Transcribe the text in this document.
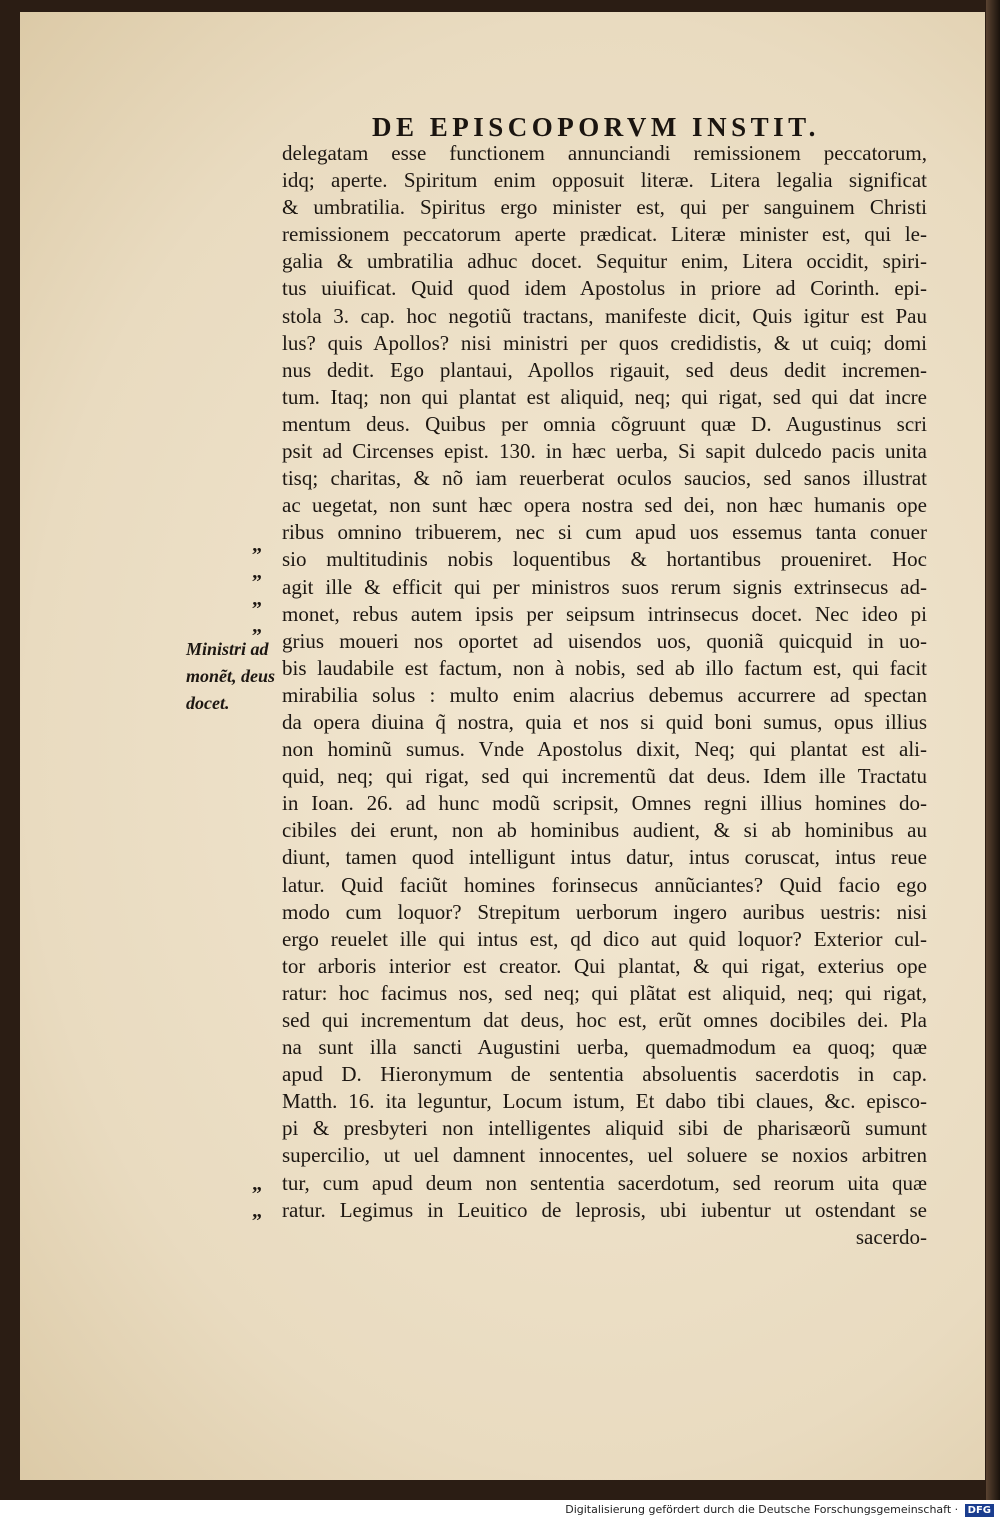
DE EPISCOPORVM INSTIT.
delegatam esse functionem annunciandi remissionem peccatorum,
idq; aperte. Spiritum enim opposuit literæ. Litera legalia significat
& umbratilia. Spiritus ergo minister est, qui per sanguinem Christi
remissionem peccatorum aperte prædicat. Literæ minister est, qui le-
galia & umbratilia adhuc docet. Sequitur enim, Litera occidit, spiri-
tus uiuificat. Quid quod idem Apostolus in priore ad Corinth. epi-
stola 3. cap. hoc negotiũ tractans, manifeste dicit, Quis igitur est Pau
lus? quis Apollos? nisi ministri per quos credidistis, & ut cuiq; domi
nus dedit. Ego plantaui, Apollos rigauit, sed deus dedit incremen-
tum. Itaq; non qui plantat est aliquid, neq; qui rigat, sed qui dat incre
mentum deus. Quibus per omnia cõgruunt quæ D. Augustinus scri
psit ad Circenses epist. 130. in hæc uerba, Si sapit dulcedo pacis unita
tisq; charitas, & nõ iam reuerberat oculos saucios, sed sanos illustrat
ac uegetat, non sunt hæc opera nostra sed dei, non hæc humanis ope
ribus omnino tribuerem, nec si cum apud uos essemus tanta conuer
sio multitudinis nobis loquentibus & hortantibus proueniret. Hoc
agit ille & efficit qui per ministros suos rerum signis extrinsecus ad-
monet, rebus autem ipsis per seipsum intrinsecus docet. Nec ideo pi
grius moueri nos oportet ad uisendos uos, quoniã quicquid in uo-
bis laudabile est factum, non à nobis, sed ab illo factum est, qui facit
mirabilia solus : multo enim alacrius debemus accurrere ad spectan
da opera diuina q̃ nostra, quia et nos si quid boni sumus, opus illius
non hominũ sumus. Vnde Apostolus dixit, Neq; qui plantat est ali-
quid, neq; qui rigat, sed qui incrementũ dat deus. Idem ille Tractatu
in Ioan. 26. ad hunc modũ scripsit, Omnes regni illius homines do-
cibiles dei erunt, non ab hominibus audient, & si ab hominibus au
diunt, tamen quod intelligunt intus datur, intus coruscat, intus reue
latur. Quid faciũt homines forinsecus annũciantes? Quid facio ego
modo cum loquor? Strepitum uerborum ingero auribus uestris: nisi
ergo reuelet ille qui intus est, qd dico aut quid loquor? Exterior cul-
tor arboris interior est creator. Qui plantat, & qui rigat, exterius ope
ratur: hoc facimus nos, sed neq; qui plãtat est aliquid, neq; qui rigat,
sed qui incrementum dat deus, hoc est, erũt omnes docibiles dei. Pla
na sunt illa sancti Augustini uerba, quemadmodum ea quoq; quæ
apud D. Hieronymum de sententia absoluentis sacerdotis in cap.
Matth. 16. ita leguntur, Locum istum, Et dabo tibi claues, &c. episco-
pi & presbyteri non intelligentes aliquid sibi de pharisæorũ sumunt
supercilio, ut uel damnent innocentes, uel soluere se noxios arbitren
tur, cum apud deum non sententia sacerdotum, sed reorum uita quæ
ratur. Legimus in Leuitico de leprosis, ubi iubentur ut ostendant se
sacerdo-
„
„
„
„
„
„
Ministri ad
monẽt, deus
docet.
Digitalisierung gefördert durch die Deutsche Forschungsgemeinschaft · DFG
